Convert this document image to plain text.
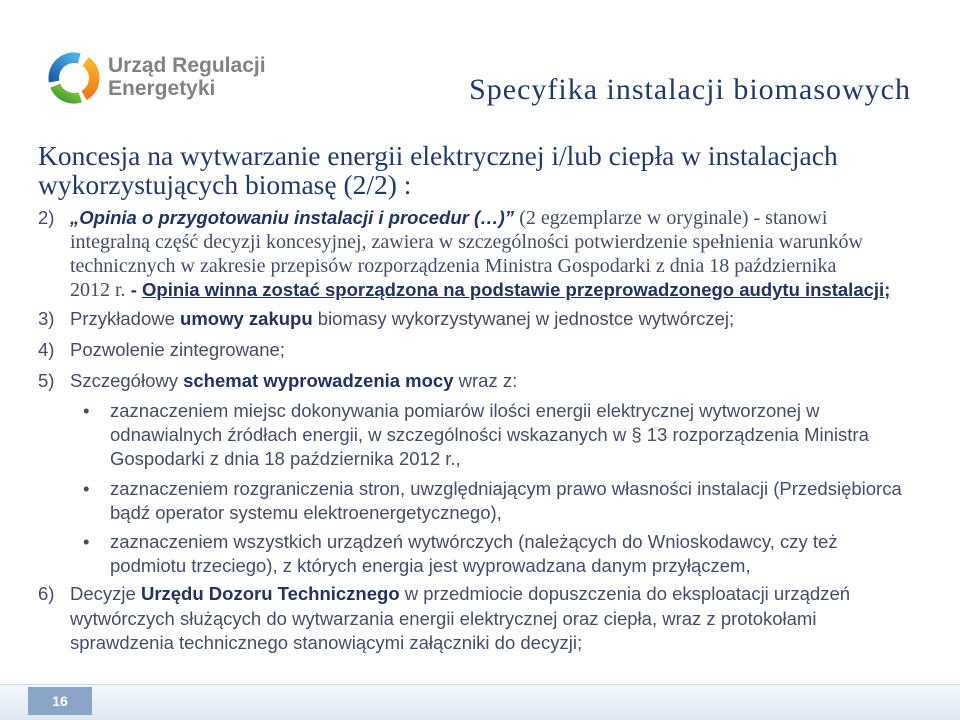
Urząd Regulacji
Energetyki	Specyfika instalacji biomasowych
Koncesja na wytwarzanie energii elektrycznej i/lub ciepła w instalacjach
wykorzystujących biomasę (2/2) :
2) „Opinia o przygotowaniu instalacji i procedur (…)” (2 egzemplarze w oryginale) - stanowi
integralną część decyzji koncesyjnej, zawiera w szczególności potwierdzenie spełnienia warunków
technicznych w zakresie przepisów rozporządzenia Ministra Gospodarki z dnia 18 października
2012 r. - Opinia winna zostać sporządzona na podstawie przeprowadzonego audytu instalacji;
3) Przykładowe umowy zakupu biomasy wykorzystywanej w jednostce wytwórczej;
4) Pozwolenie zintegrowane;
5) Szczegółowy schemat wyprowadzenia mocy wraz z:
• zaznaczeniem miejsc dokonywania pomiarów ilości energii elektrycznej wytworzonej w
odnawialnych źródłach energii, w szczególności wskazanych w § 13 rozporządzenia Ministra
Gospodarki z dnia 18 października 2012 r.,
• zaznaczeniem rozgraniczenia stron, uwzględniającym prawo własności instalacji (Przedsiębiorca
bądź operator systemu elektroenergetycznego),
• zaznaczeniem wszystkich urządzeń wytwórczych (należących do Wnioskodawcy, czy też
podmiotu trzeciego), z których energia jest wyprowadzana danym przyłączem,
6) Decyzje Urzędu Dozoru Technicznego w przedmiocie dopuszczenia do eksploatacji urządzeń
wytwórczych służących do wytwarzania energii elektrycznej oraz ciepła, wraz z protokołami
sprawdzenia technicznego stanowiącymi załączniki do decyzji;
16
